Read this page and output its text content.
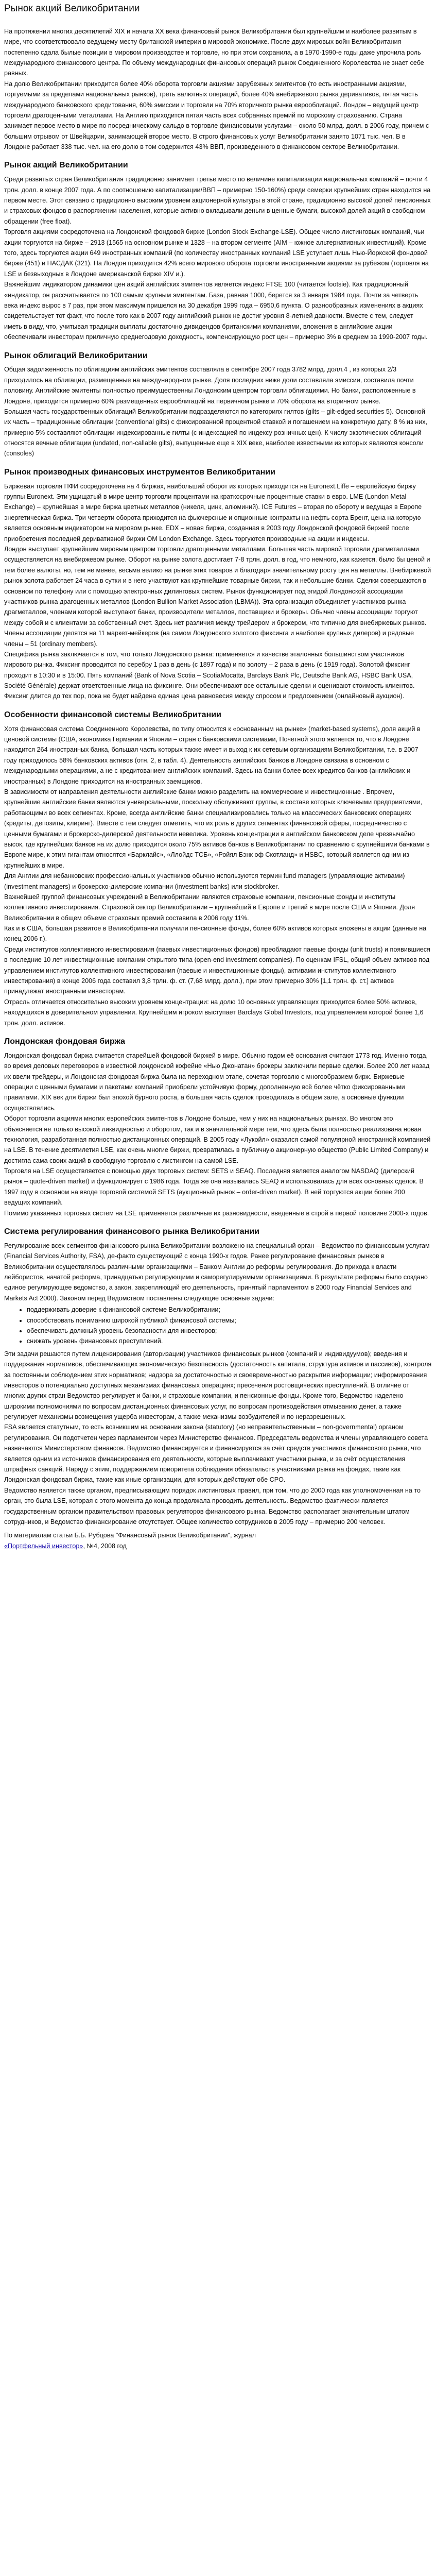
Рынок акций Великобритании

На протяжении многих десятилетий XIX и начала XX века финансовый рынок Великобритании был крупнейшим и наиболее развитым в мире, что соответствовало ведущему месту британской империи в мировой экономике. После двух мировых войн Великобритания постепенно сдала былые позиции в мировом производстве и торговле, но при этом сохранила, а в 1970-1990-е годы даже упрочила роль международного финансового центра. По объему международных финансовых операций рынок Соединенного Королевства не знает себе равных.

На долю Великобритании приходится более 40% оборота торговли акциями зарубежных эмитентов (то есть иностранными акциями, торгуемыми за пределами национальных рынков), треть валютных операций, более 40% внебиржевого рынка деривативов, пятая часть международного банковского кредитования, 60% эмиссии и торговли на 70% вторичного рынка еврооблигаций. Лондон – ведущий центр торговли драгоценными металлами. На Англию приходится пятая часть всех собранных премий по морскому страхованию. Страна занимает первое место в мире по посредническому сальдо в торговле финансовыми услугами – около 50 млрд. долл. в 2006 году, причем с большим отрывом от Швейцарии, занимающей второе место. В строго финансовых услуг Великобритании занято 1071 тыс. чел. В в Лондоне работает 338 тыс. чел. на его долю в том содержится 43% ВВП, произведенного в финансовом секторе Великобритании.

Рынок акций Великобритании

Среди развитых стран Великобритания традиционно занимает третье место по величине капитализации национальных компаний – почти 4 трлн. долл. в конце 2007 года. А по соотношению капитализации/ВВП – примерно 150-160%) среди семерки крупнейших стран находится на первом месте. Этот связано с традиционно высоким уровнем акционерной культуры в этой стране, традиционно высокой долей пенсионных и страховых фондов в распоряжении населения, которые активно вкладывали деньги в ценные бумаги, высокой долей акций в свободном обращении (free float).

Торговля акциями сосредоточена на Лондонской фондовой бирже (London Stock Exchange-LSE). Общее число листинговых компаний, чьи акции торгуются на бирже – 2913 (1565 на основном рынке и 1328 – на втором сегменте (AIM – южное альтернативных инвестиций). Кроме того, здесь торгуются акции 649 иностранных компаний (по количеству иностранных компаний LSE уступает лишь Нью-Йоркской фондовой бирже (451) и НАСДАК (321). На Лондон приходится 42% всего мирового оборота торговли иностранными акциями за рубежом (торговля на LSE и безвыходных в Лондоне американской бирже XIV и.).

Важнейшим индикатором динамики цен акций английских эмитентов является индекс FTSE 100 (читается footsie). Как традиционный «индикатор, он рассчитывается по 100 самым крупным эмитентам. База, равная 1000, берется за 3 января 1984 года. Почти за четверть века индекс вырос в 7 раз, при этом максимум пришелся на 30 декабря 1999 года – 6950,6 пункта. О разнообразных изменениях в акциях свидетельствует тот факт, что после того как в 2007 году английский рынок не достиг уровня 8-летней давности. Вместе с тем, следует иметь в виду, что, учитывая традиции выплаты достаточно дивидендов британскими компаниями, вложения в английские акции обеспечивали инвесторам приличную среднегодовую доходность, компенсирующую рост цен – примерно 3% в среднем за 1990-2007 годы.

Рынок облигаций Великобритании

Общая задолженность по облигациям английских эмитентов составляла в сентябре 2007 года 3782 млрд. долл.4 , из которых 2/3 приходилось на облигации, размещенные на международном рынке. Доля последних ниже доли составляла эмиссии, составила почти половину. Английские эмитенты полностью преимущественны Лондонским центром торговли облигациями. Но банки, расположенные в Лондоне, приходится примерно 60% размещенных еврооблигаций на первичном рынке и 70% оборота на вторичном рынке.

Большая часть государственных облигаций Великобритании подразделяются по категориях гилтов (gilts – gilt-edged securities 5). Основной их часть – традиционные облигации (conventional gilts) с фиксированной процентной ставкой и погашением на конкретную дату, 8 % из них, примерно 5% составляют облигации индексированные гилты (с индексацией по индексу розничных цен). К числу экзотических облигаций относятся вечные облигации (undated, non-callable gilts), выпущенные еще в XIX веке, наиболее известными из которых являются консоли (consoles)

Рынок производных финансовых инструментов Великобритании

Биржевая торговля ПФИ сосредоточена на 4 биржах, наибольший оборот из которых приходится на Euronext.Liffe – европейскую биржу группы Euronext. Эти ущищатый в мире центр торговли процентами на краткосрочные процентные ставки в евро. LME (London Metal Exchange) – крупнейшая в мире биржа цветных металлов (никеля, цинк, алюминий). ICE Futures – вторая по обороту и ведущая в Европе энергетическая биржа. Три четверти оборота приходится на фьючерсные и опционные контракты на нефть сорта Брент, цена на которую является основным индикатором на мировом рынке. EDX – новая биржа, созданная в 2003 году Лондонской фондовой биржей после приобретения последней деривативной биржи ОМ London Exchange. Здесь торгуются производные на акции и индексы.

Лондон выступает крупнейшим мировым центром торговли драгоценными металлами. Большая часть мировой торговли драгметаллами осуществляется на внебиржевом рынке. Оборот на рынке золота достигает 7-8 трлн. долл. в год, что немного, как кажется, было бы ценой и тем более валюты, но, тем не менее, весьма велико на рынке этих товаров и благодаря значительному росту цен на металлы. Внебиржевой рынок золота работает 24 часа в сутки и в него участвуют как крупнейшие товарные биржи, так и небольшие банки. Сделки совершаются в основном по телефону или с помощью электронных дилинговых систем. Рынок функционирует под эгидой Лондонской ассоциации участников рынка драгоценных металлов (London Bullion Market Association (LBMA)). Эта организация объединяет участников рынка драгметаллов, членами которой выступают банки, производители металлов, поставщики и брокеры. Обычно члены ассоциации торгуют между собой и с клиентами за собственный счет. Здесь нет различия между трейдером и брокером, что типично для внебиржевых рынков. Члены ассоциации делятся на 11 маркет-мейкеров (на самом Лондонского золотого фиксинга и наиболее крупных дилеров) и рядовые члены – 51 (ordinary members).

Специфика рынка заключается в том, что только Лондонского рынка: применяется и качестве эталонных большинством участников мирового рынка. Фиксинг проводится по серебру 1 раз в день (с 1897 года) и по золоту – 2 раза в день (с 1919 года). Золотой фиксинг проходит в 10:30 и в 15:00. Пять компаний (Bank of Nova Scotia – ScotiaMocatta, Barclays Bank Plc, Deutsche Bank AG, HSBC Bank USA, Société Générale) держат ответственные лица на фиксинге. Они обеспечивают все остальные сделки и оценивают стоимость клиентов. Фиксинг длится до тех пор, пока не будет найдена единая цена равновесия между спросом и предложением (онлайновый аукцион).

Особенности финансовой системы Великобритании

Хотя финансовая система Соединенного Королевства, по типу относится к «основанным на рынке» (market-based systems), доля акций в ценовой системы (США, экономика Германии и Японии – стран с банковскими системами, Почетной этого является то, что в Лондоне находится 264 иностранных банка, большая часть которых также имеет и выход к их сетевым организациям Великобритании, т.е. в 2007 году приходилось 58% банковских активов (отн. 2, в табл. 4). Деятельность английских банков в Лондоне связана в основном с международными операциями, а не с кредитованием английских компаний. Здесь на банки более всех кредитов банков (английских и иностранных) в Лондоне приходится на иностранных заемщиков.

В зависимости от направления деятельности английские банки можно разделить на коммерческие и инвестиционные . Впрочем, крупнейшие английские банки являются универсальными, поскольку обслуживают группы, в составе которых ключевыми предприятиями, работающими во всех сегментах. Кроме, всегда английские банки специализировались только на классических банковских операциях (кредиты, депозиты, клиринг). Вместе с тем следует отметить, что их роль в других сегментах финансовой сферы, посредничество с ценными бумагами и брокерско-дилерской деятельности невелика. Уровень концентрации в английском банковском деле чрезвычайно высок, где крупнейших банков на их долю приходится около 75% активов банков в Великобритании по сравнению с крупнейшими банками в Европе мире, к этим гигантам относятся «Барклайс», «Ллойдс ТСБ», «Ройял Бэнк оф Скотланд» и HSBC, который является одним из крупнейших в мире.

Для Англии для небанковских профессиональных участников обычно используются термин fund managers (управляющие активами) (investment managers) и брокерско-дилерские компании (investment banks) или stockbroker.

Важнейшей группой финансовых учреждений в Великобритании являются страховые компании, пенсионные фонды и институты коллективного инвестирования. Страховой сектор Великобритании – крупнейший в Европе и третий в мире после США и Японии. Доля Великобритании в общем объеме страховых премий составила в 2006 году 11%.

Как и в США, большая развитое в Великобритании получили пенсионные фонды, более 60% активов которых вложены в акции (данные на конец 2006 г.).

Среди институтов коллективного инвестирования (паевых инвестиционных фондов) преобладают паевые фонды (unit trusts) и появившиеся в последние 10 лет инвестиционные компании открытого типа (open-end investment companies). По оценкам IFSL, общий объем активов под управлением институтов коллективного инвестирования (паевые и инвестиционные фонды), активами институтов коллективного инвестирования) в конце 2006 года составил 3,8 трлн. ф. ст. (7,68 млрд. долл.), при этом примерно 30% [1,1 трлн. ф. ст.] активов принадлежат иностранным инвесторам.

Отрасль отличается относительно высоким уровнем концентрации: на долю 10 основных управляющих приходится более 50% активов, находящихся в доверительном управлении. Крупнейшим игроком выступает Barclays Global Investors, под управлением которой более 1,6 трлн. долл. активов.

Лондонская фондовая биржа

Лондонская фондовая биржа считается старейшей фондовой биржей в мире. Обычно годом её основания считают 1773 год. Именно тогда, во время деловых переговоров в известной лондонской кофейне «Нью Джонатан» брокеры заключили первые сделки. Более 200 лет назад их ввели трейдеры, и Лондонская фондовая биржа была на переходном этапе, сочетая торговлю с многообразием бирж. Биржевые операции с ценными бумагами и пакетами компаний приобрели устойчивую форму, дополненную всё более чётко фиксированными правилами. XIX век для биржи был эпохой бурного роста, а большая часть сделок проводилась в общем зале, а основные функции осуществлялись.

Оборот торговли акциями многих европейских эмитентов в Лондоне больше, чем у них на национальных рынках. Во многом это объясняется не только высокой ликвидностью и оборотом, так и в значительной мере тем, что здесь была полностью реализована новая технология, разработанная полностью дистанционных операций. В 2005 году «Лукойл» оказался самой популярной иностранной компанией на LSE. В течение десятилетия LSE, как очень многие биржи, превратилась в публичную акционерную общество (Public Limited Company) и достигла сама своих акций в свободную торговлю с листингом на самой LSE.

Торговля на LSE осуществляется с помощью двух торговых систем: SETS и SEAQ. Последняя является аналогом NASDAQ (дилерский рынок – quote-driven market) и функционирует с 1986 года. Тогда же она называлась SEAQ и использовалась для всех основных сделок. В 1997 году в основном на вводе торговой системой SETS (аукционный рынок – order-driven market). В ней торгуются акции более 200 ведущих компаний.

Помимо указанных торговых систем на LSE применяется различные их разновидности, введенные в строй в первой половине 2000-х годов.

Система регулирования финансового рынка Великобритании

Регулирование всех сегментов финансового рынка Великобритании возложено на специальный орган – Ведомство по финансовым услугам (Financial Services Authority, FSA), де-факто существующий с конца 1990-х годов. Ранее регулирование финансовых рынков в Великобритании осуществлялось различными организациями – Банком Англии до реформы регулирования. До прихода к власти лейбористов, начатой реформа, тринадцатью регулирующими и саморегулируемыми организациями. В результате реформы было создано единое регулирующее ведомство, а закон, закрепляющий его деятельность, принятый парламентом в 2000 году Financial Services and Markets Act 2000). Законом перед Ведомством поставлены следующие основные задачи:

• поддерживать доверие к финансовой системе Великобритании;
• способствовать пониманию широкой публикой финансовой системы;
• обеспечивать должный уровень безопасности для инвесторов;
• снижать уровень финансовых преступлений.

Эти задачи решаются путем лицензирования (авторизации) участников финансовых рынков (компаний и индивидуумов); введения и поддержания нормативов, обеспечивающих экономическую безопасность (достаточность капитала, структура активов и пассивов), контроля за постоянным соблюдением этих нормативов; надзора за достаточностью и своевременностью раскрытия информации; информирования инвесторов о потенциально доступных механизмах финансовых операциях; пресечения ростовщических преступлений. В отличие от многих других стран Ведомство регулирует и банки, и страховые компании, и пенсионные фонды. Кроме того, Ведомство наделено широкими полномочиями по вопросам дистанционных финансовых услуг, по вопросам противодействия отмыванию денег, а также регулирует механизмы возмещения ущерба инвесторам, а также механизмы возбудителей и по неразрешенных.

FSA является статутным, то есть возникшим на основании закона (statutory) (но неправительственным – non-governmental) органом регулирования. Он подотчетен через парламентом через Министерство финансов. Председатель ведомства и члены управляющего совета назначаются Министерством финансов. Ведомство финансируется и финансируется за счёт средств участников финансового рынка, что является одним из источников финансирования его деятельности, которые выплачивают участники рынка, и за счёт осуществления штрафных санкций. Наряду с этим, поддержанием приоритета соблюдения обязательств участниками рынка на фондах, такие как Лондонская фондовая биржа, такие как иные организации, для которых действуют обе CPO.

Ведомство является также органом, предписывающим порядок листинговых правил, при том, что до 2000 года как уполномоченная на то орган, это была LSE, которая с этого момента до конца продолжала проводить деятельность. Ведомство фактически является государственным органом правительством правовых регуляторов финансового рынка. Ведомство располагает значительным штатом сотрудников, и Ведомство финансирование отсутствует. Общее количество сотрудников в 2005 году – примерно 200 человек.

По материалам статьи Б.Б. Рубцова "Финансовый рынок Великобритании", журнал

«Портфельный инвестор», №4, 2008 год
